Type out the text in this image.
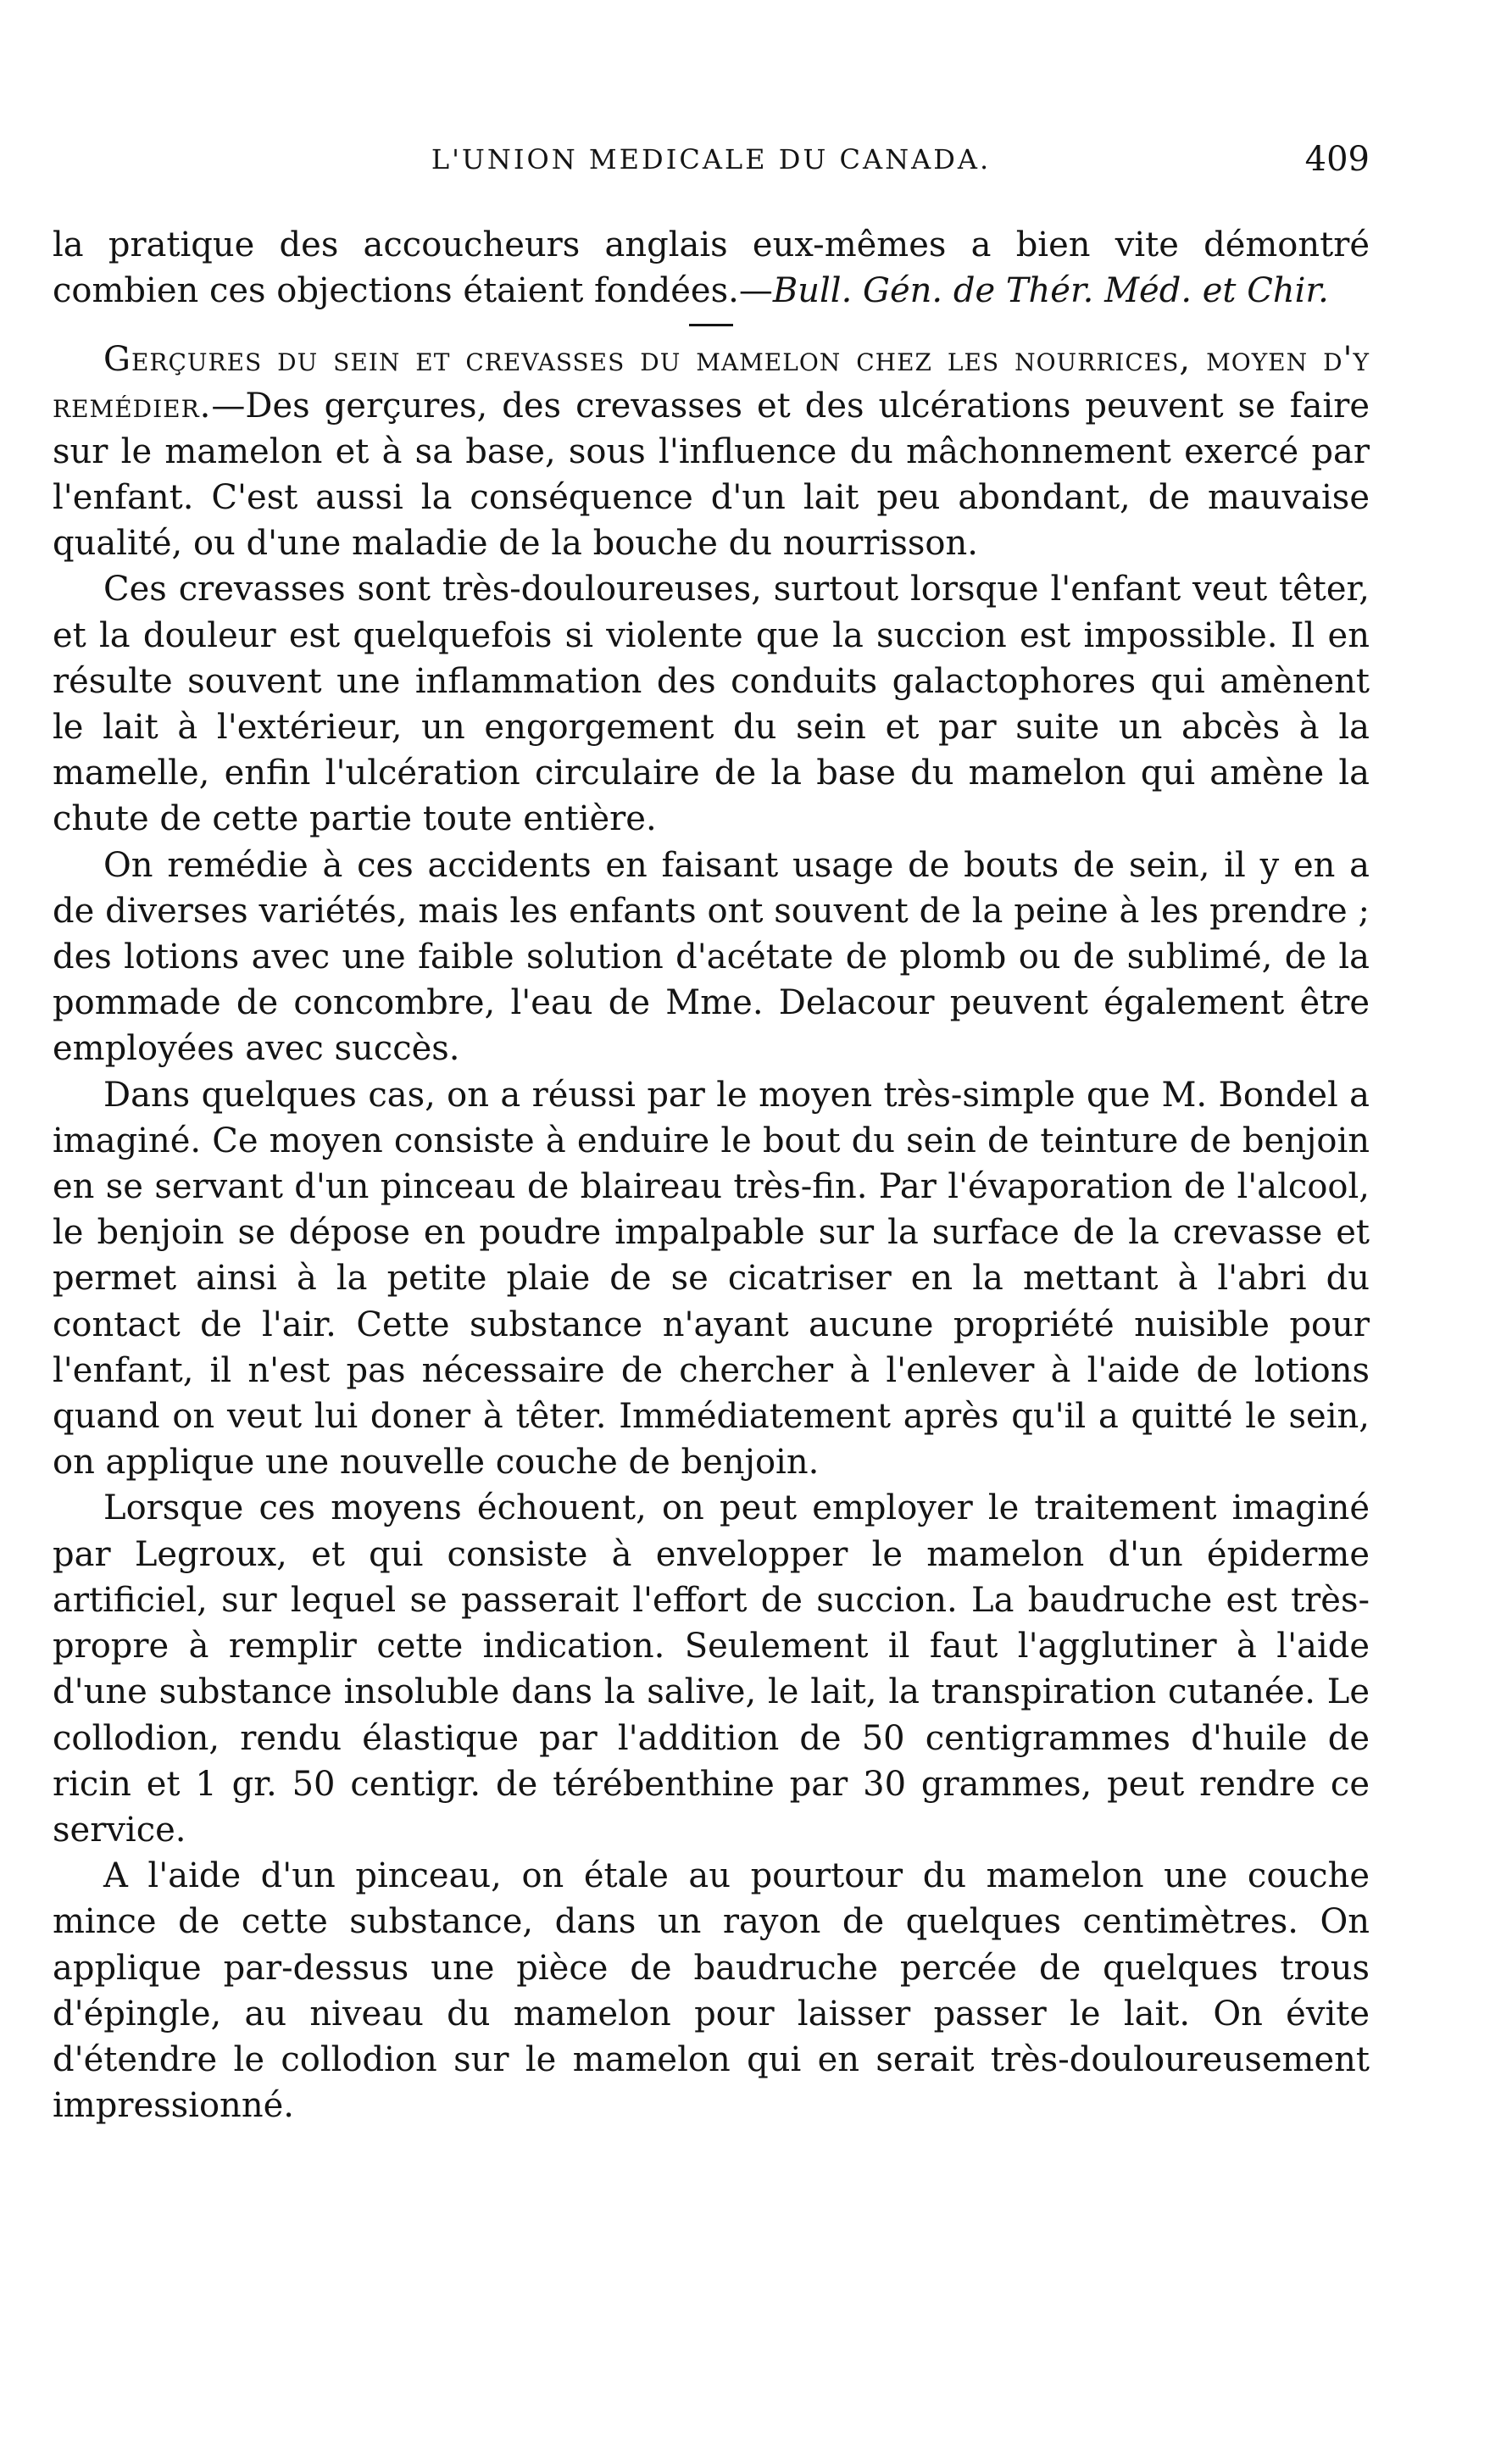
L'UNION MEDICALE DU CANADA.	409

la pratique des accoucheurs anglais eux-mêmes a bien vite démontré combien ces objections étaient fondées.—Bull. Gén. de Thér. Méd. et Chir.

Gerçures du sein et crevasses du mamelon chez les nourrices, moyen d'y remédier.—Des gerçures, des crevasses et des ulcérations peuvent se faire sur le mamelon et à sa base, sous l'influence du mâchonnement exercé par l'enfant. C'est aussi la conséquence d'un lait peu abondant, de mauvaise qualité, ou d'une maladie de la bouche du nourrisson.

Ces crevasses sont très-douloureuses, surtout lorsque l'enfant veut têter, et la douleur est quelquefois si violente que la succion est impossible. Il en résulte souvent une inflammation des conduits galactophores qui amènent le lait à l'extérieur, un engorgement du sein et par suite un abcès à la mamelle, enfin l'ulcération circulaire de la base du mamelon qui amène la chute de cette partie toute entière.

On remédie à ces accidents en faisant usage de bouts de sein, il y en a de diverses variétés, mais les enfants ont souvent de la peine à les prendre ; des lotions avec une faible solution d'acétate de plomb ou de sublimé, de la pommade de concombre, l'eau de Mme. Delacour peuvent également être employées avec succès.

Dans quelques cas, on a réussi par le moyen très-simple que M. Bondel a imaginé. Ce moyen consiste à enduire le bout du sein de teinture de benjoin en se servant d'un pinceau de blaireau très-fin. Par l'évaporation de l'alcool, le benjoin se dépose en poudre impalpable sur la surface de la crevasse et permet ainsi à la petite plaie de se cicatriser en la mettant à l'abri du contact de l'air. Cette substance n'ayant aucune propriété nuisible pour l'enfant, il n'est pas nécessaire de chercher à l'enlever à l'aide de lotions quand on veut lui doner à têter. Immédiatement après qu'il a quitté le sein, on applique une nouvelle couche de benjoin.

Lorsque ces moyens échouent, on peut employer le traitement imaginé par Legroux, et qui consiste à envelopper le mamelon d'un épiderme artificiel, sur lequel se passerait l'effort de succion. La baudruche est très-propre à remplir cette indication. Seulement il faut l'agglutiner à l'aide d'une substance insoluble dans la salive, le lait, la transpiration cutanée. Le collodion, rendu élastique par l'addition de 50 centigrammes d'huile de ricin et 1 gr. 50 centigr. de térébenthine par 30 grammes, peut rendre ce service.

A l'aide d'un pinceau, on étale au pourtour du mamelon une couche mince de cette substance, dans un rayon de quelques centimètres. On applique par-dessus une pièce de baudruche percée de quelques trous d'épingle, au niveau du mamelon pour laisser passer le lait. On évite d'étendre le collodion sur le mamelon qui en serait très-douloureusement impressionné.
